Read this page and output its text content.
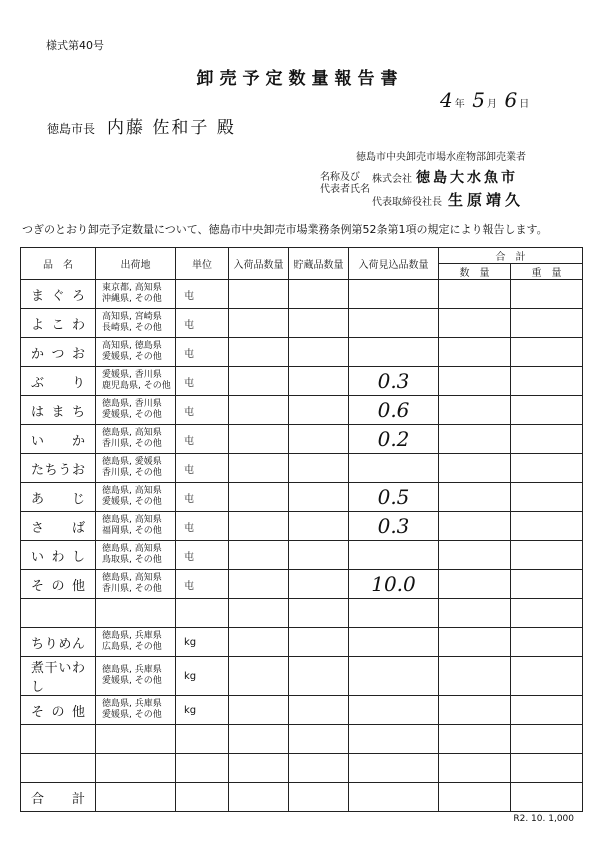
様式第40号
卸売予定数量報告書
4 年 5 月 6 日
徳島市長 内藤 佐和子 殿
徳島市中央卸売市場水産物部卸売業者
名称及び
代表者氏名
株式会社 徳島大水魚市
代表取締役社長 生原靖久
つぎのとおり卸売予定数量について、徳島市中央卸売市場業務条例第52条第1項の規定により報告します。
品　名	出荷地	単位	入荷品数量	貯蔵品数量	入荷見込品数量	合　計	
						数　量	重　量
まぐろ	東京都, 高知県
沖縄県, その他	屯					
よこわ	高知県, 宮崎県
長崎県, その他	屯					
かつお	高知県, 徳島県
愛媛県, その他	屯					
ぶり	愛媛県, 香川県
鹿児島県, その他	屯			0.3		
はまち	徳島県, 香川県
愛媛県, その他	屯			0.6		
いか	徳島県, 高知県
香川県, その他	屯			0.2		
たちうお	徳島県, 愛媛県
香川県, その他	屯					
あじ	徳島県, 高知県
愛媛県, その他	屯			0.5		
さば	徳島県, 高知県
福岡県, その他	屯			0.3		
いわし	徳島県, 高知県
鳥取県, その他	屯					
その他	徳島県, 高知県
香川県, その他	屯			10.0		

ちりめん	徳島県, 兵庫県
広島県, その他	kg					
煮干いわし	徳島県, 兵庫県
愛媛県, その他	kg					
その他	徳島県, 兵庫県
愛媛県, その他	kg					

合計	

R2. 10. 1,000
